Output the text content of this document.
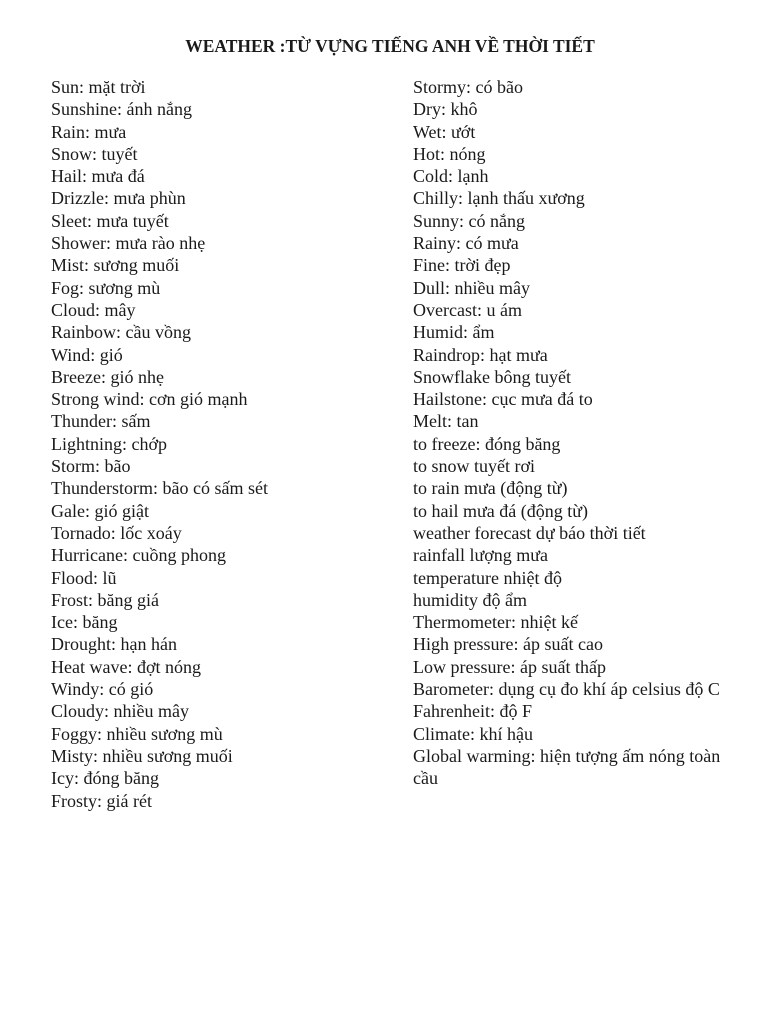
WEATHER :TỪ VỰNG TIẾNG ANH VỀ THỜI TIẾT
Sun: mặt trời
Sunshine: ánh nắng
Rain: mưa
Snow: tuyết
Hail: mưa đá
Drizzle: mưa phùn
Sleet: mưa tuyết
Shower: mưa rào nhẹ
Mist: sương muối
Fog: sương mù
Cloud: mây
Rainbow: cầu vồng
Wind: gió
Breeze: gió nhẹ
Strong wind: cơn gió mạnh
Thunder: sấm
Lightning: chớp
Storm: bão
Thunderstorm: bão có sấm sét
Gale: gió giật
Tornado: lốc xoáy
Hurricane: cuồng phong
Flood: lũ
Frost: băng giá
Ice: băng
Drought: hạn hán
Heat wave: đợt nóng
Windy: có gió
Cloudy: nhiều mây
Foggy: nhiều sương mù
Misty: nhiều sương muối
Icy: đóng băng
Frosty: giá rét
Stormy: có bão
Dry: khô
Wet: ướt
Hot: nóng
Cold: lạnh
Chilly: lạnh thấu xương
Sunny: có nắng
Rainy: có mưa
Fine: trời đẹp
Dull: nhiều mây
Overcast: u ám
Humid: ẩm
Raindrop: hạt mưa
Snowflake bông tuyết
Hailstone: cục mưa đá to
Melt: tan
to freeze: đóng băng
to snow tuyết rơi
to rain mưa (động từ)
to hail mưa đá (động từ)
weather forecast dự báo thời tiết
rainfall lượng mưa
temperature nhiệt độ
humidity độ ẩm
Thermometer: nhiệt kế
High pressure: áp suất cao
Low pressure: áp suất thấp
Barometer: dụng cụ đo khí áp celsius độ C
Fahrenheit: độ F
Climate: khí hậu
Global warming: hiện tượng ấm nóng toàn cầu
